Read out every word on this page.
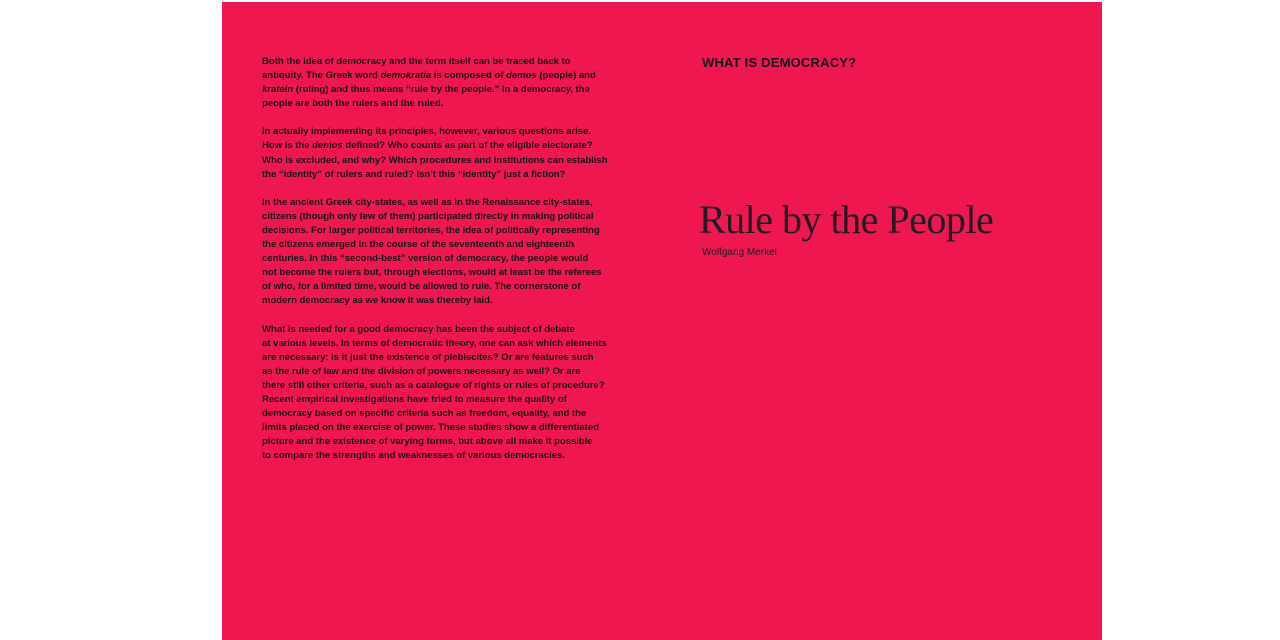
Both the idea of democracy and the term itself can be traced back to
antiquity. The Greek word demokratia is composed of demos (people) and
kratein (ruling) and thus means “rule by the people.” In a democracy, the
people are both the rulers and the ruled.

In actually implementing its principles, however, various questions arise.
How is the demos defined? Who counts as part of the eligible electorate?
Who is excluded, and why? Which procedures and institutions can establish
the “identity” of rulers and ruled? Isn’t this “identity” just a fiction?

In the ancient Greek city-states, as well as in the Renaissance city-states,
citizens (though only few of them) participated directly in making political
decisions. For larger political territories, the idea of politically representing
the citizens emerged in the course of the seventeenth and eighteenth
centuries. In this “second-best” version of democracy, the people would
not become the rulers but, through elections, would at least be the referees
of who, for a limited time, would be allowed to rule. The cornerstone of
modern democracy as we know it was thereby laid.

What is needed for a good democracy has been the subject of debate
at various levels. In terms of democratic theory, one can ask which elements
are necessary: is it just the existence of plebiscites? Or are features such
as the rule of law and the division of powers necessary as well? Or are
there still other criteria, such as a catalogue of rights or rules of procedure?
Recent empirical investigations have tried to measure the quality of
democracy based on specific criteria such as freedom, equality, and the
limits placed on the exercise of power. These studies show a differentiated
picture and the existence of varying forms, but above all make it possible
to compare the strengths and weaknesses of various democracies.

WHAT IS DEMOCRACY?
Rule by the People
Wolfgang Merkel
